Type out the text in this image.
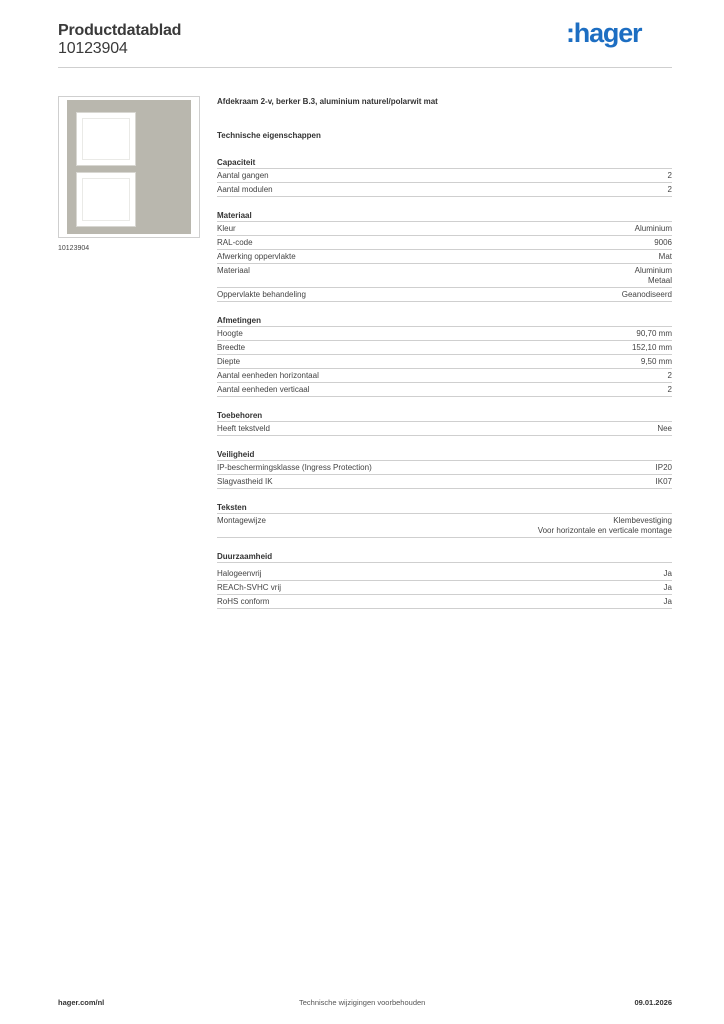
Productdatablad
10123904
:hager
10123904
Afdekraam 2-v, berker B.3, aluminium naturel/polarwit mat
Technische eigenschappen
Capaciteit
Aantal gangen	2
Aantal modulen	2
Materiaal
Kleur	Aluminium
RAL-code	9006
Afwerking oppervlakte	Mat
Materiaal	Aluminium
Metaal
Oppervlakte behandeling	Geanodiseerd
Afmetingen
Hoogte	90,70 mm
Breedte	152,10 mm
Diepte	9,50 mm
Aantal eenheden horizontaal	2
Aantal eenheden verticaal	2
Toebehoren
Heeft tekstveld	Nee
Veiligheid
IP-beschermingsklasse (Ingress Protection)	IP20
Slagvastheid IK	IK07
Teksten
Montagewijze	Klembevestiging
Voor horizontale en verticale montage
Duurzaamheid
Halogeenvrij	Ja
REACh-SVHC vrij	Ja
RoHS conform	Ja
hager.com/nl	Technische wijzigingen voorbehouden	09.01.2026
